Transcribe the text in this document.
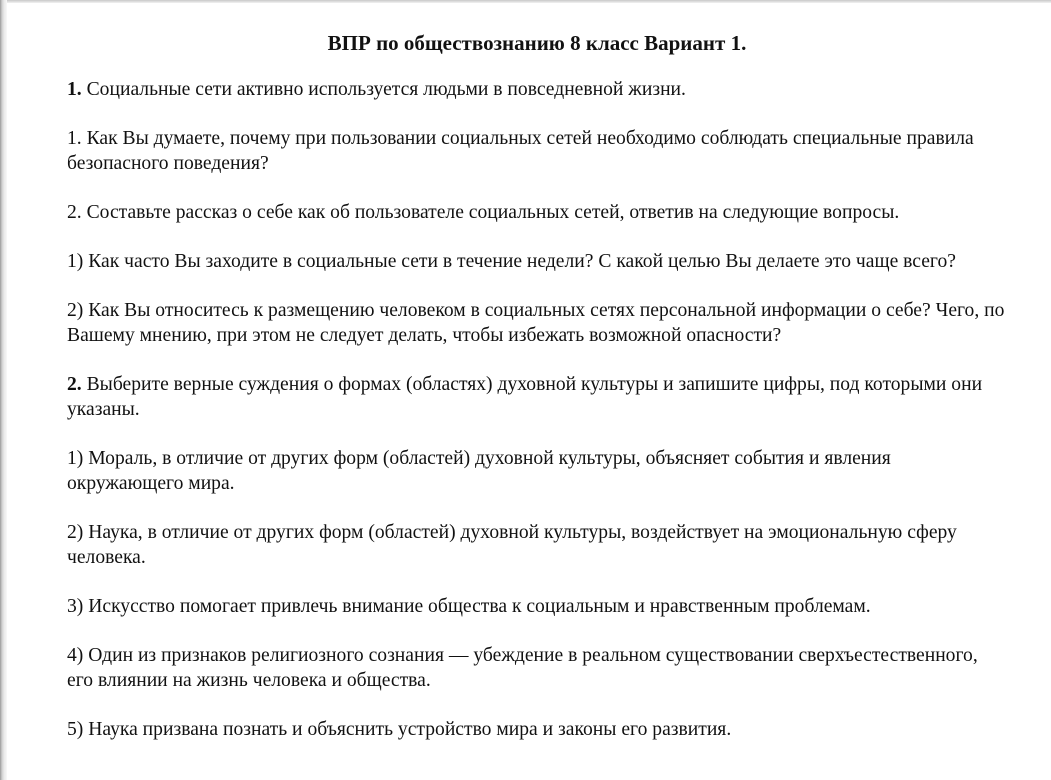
ВПР по обществознанию 8 класс Вариант 1.

1. Социальные сети активно используется людьми в повседневной жизни.

1. Как Вы думаете, почему при пользовании социальных сетей необходимо соблюдать специальные правила безопасного поведения?

2. Составьте рассказ о себе как об пользователе социальных сетей, ответив на следующие вопросы.

1) Как часто Вы заходите в социальные сети в течение недели? С какой целью Вы делаете это чаще всего?

2) Как Вы относитесь к размещению человеком в социальных сетях персональной информации о себе? Чего, по Вашему мнению, при этом не следует делать, чтобы избежать возможной опасности?

2. Выберите верные суждения о формах (областях) духовной культуры и запишите цифры, под которыми они указаны.

1) Мораль, в отличие от других форм (областей) духовной культуры, объясняет события и явления окружающего мира.

2) Наука, в отличие от других форм (областей) духовной культуры, воздействует на эмоциональную сферу человека.

3) Искусство помогает привлечь внимание общества к социальным и нравственным проблемам.

4) Один из признаков религиозного сознания — убеждение в реальном существовании сверхъестественного, его влиянии на жизнь человека и общества.

5) Наука призвана познать и объяснить устройство мира и законы его развития.
